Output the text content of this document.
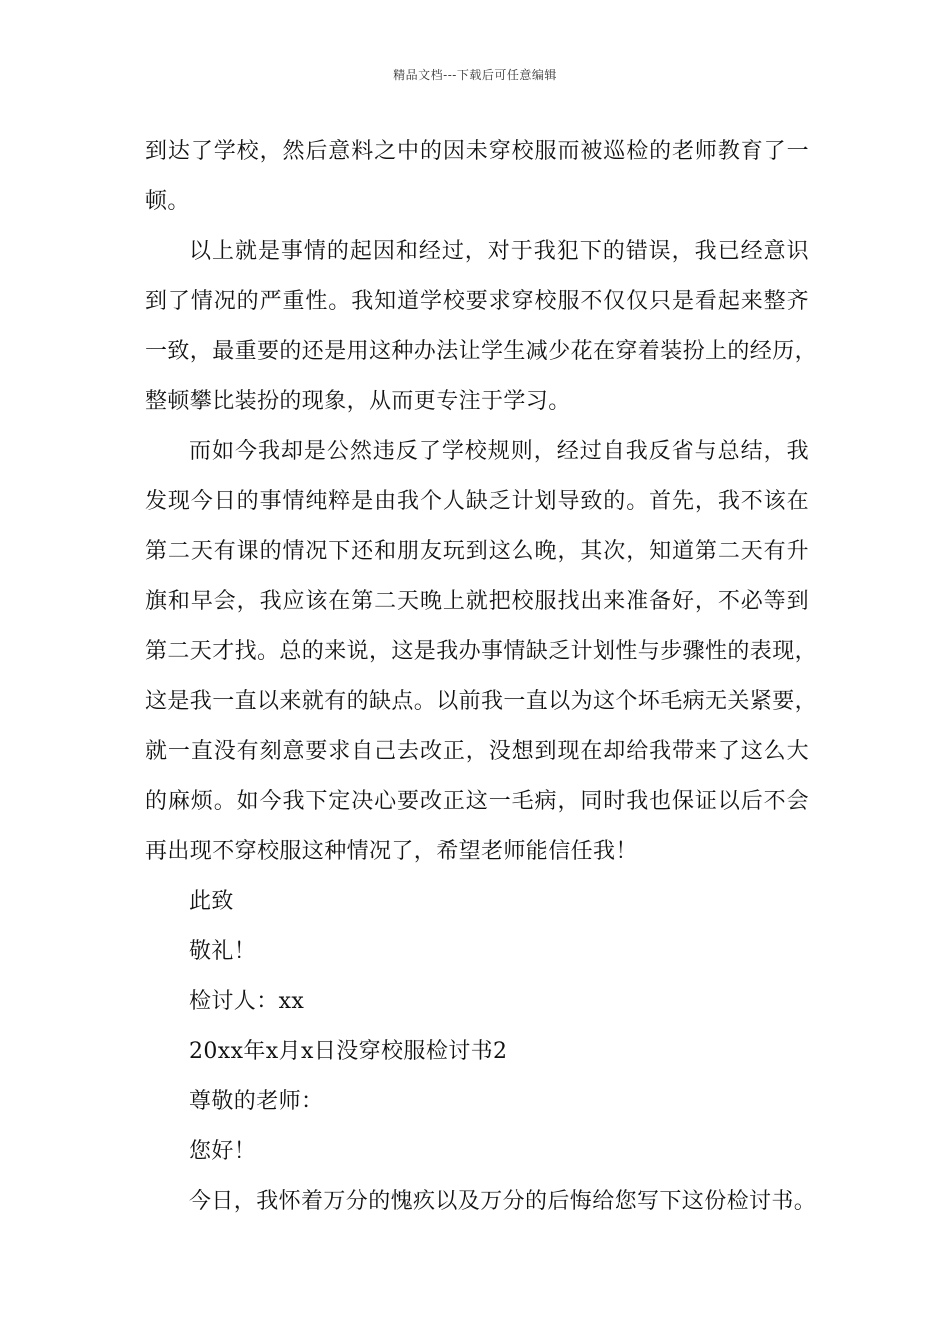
精品文档---下载后可任意编辑
到达了学校，然后意料之中的因未穿校服而被巡检的老师教育了一
顿。
以上就是事情的起因和经过，对于我犯下的错误，我已经意识
到了情况的严重性。我知道学校要求穿校服不仅仅只是看起来整齐
一致，最重要的还是用这种办法让学生减少花在穿着装扮上的经历，
整顿攀比装扮的现象，从而更专注于学习。
而如今我却是公然违反了学校规则，经过自我反省与总结，我
发现今日的事情纯粹是由我个人缺乏计划导致的。首先，我不该在
第二天有课的情况下还和朋友玩到这么晚，其次，知道第二天有升
旗和早会，我应该在第二天晚上就把校服找出来准备好，不必等到
第二天才找。总的来说，这是我办事情缺乏计划性与步骤性的表现，
这是我一直以来就有的缺点。以前我一直以为这个坏毛病无关紧要，
就一直没有刻意要求自己去改正，没想到现在却给我带来了这么大
的麻烦。如今我下定决心要改正这一毛病，同时我也保证以后不会
再出现不穿校服这种情况了，希望老师能信任我！
此致
敬礼！
检讨人：xx
20xx年x月x日没穿校服检讨书2
尊敬的老师：
您好！
今日，我怀着万分的愧疚以及万分的后悔给您写下这份检讨书。
